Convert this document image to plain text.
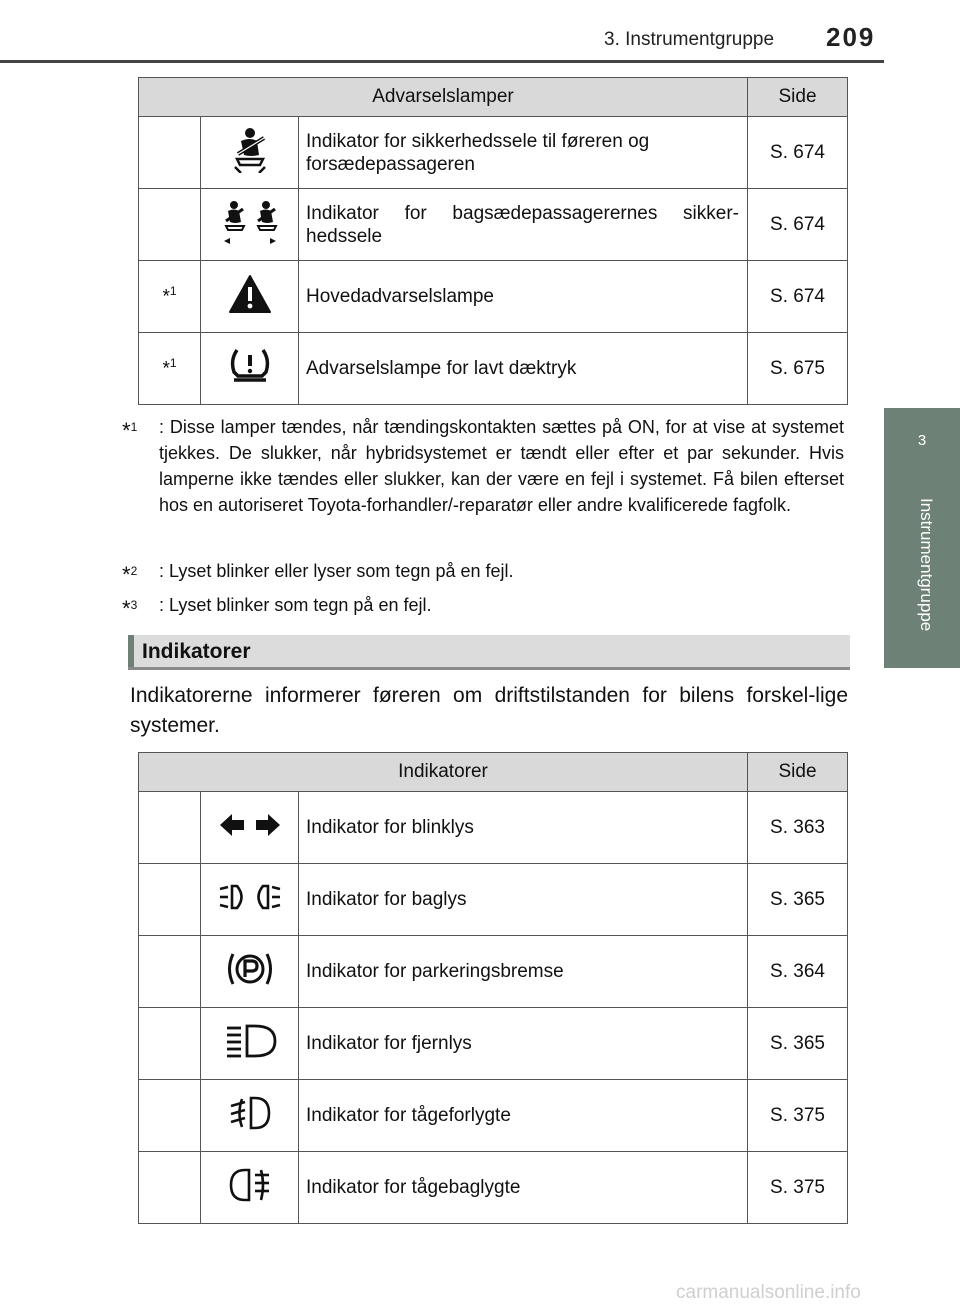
3. Instrumentgruppe 209
3
Instrumentgruppe
Advarselslamper			Side
		Indikator for sikkerhedssele til føreren og forsædepassageren	S. 674
		Indikator for bagsædepassagerernes sikker-hedssele	S. 674
*$^1$		Hovedadvarselslampe	S. 674
*$^1$		Advarselslampe for lavt dæktryk	S. 675
*$^1$ : Disse lamper tændes, når tændingskontakten sættes på ON, for at vise at systemet tjekkes. De slukker, når hybridsystemet er tændt eller efter et par sekunder. Hvis lamperne ikke tændes eller slukker, kan der være en fejl i systemet. Få bilen efterset hos en autoriseret Toyota-forhandler/-reparatør eller andre kvalificerede fagfolk.
*$^2$ : Lyset blinker eller lyser som tegn på en fejl.
*$^3$ : Lyset blinker som tegn på en fejl.
Indikatorer
Indikatorerne informerer føreren om driftstilstanden for bilens forskel-lige systemer.
Indikatorer			Side
		Indikator for blinklys	S. 363
		Indikator for baglys	S. 365
		Indikator for parkeringsbremse	S. 364
		Indikator for fjernlys	S. 365
		Indikator for tågeforlygte	S. 375
		Indikator for tågebaglygte	S. 375
carmanualsonline.info
